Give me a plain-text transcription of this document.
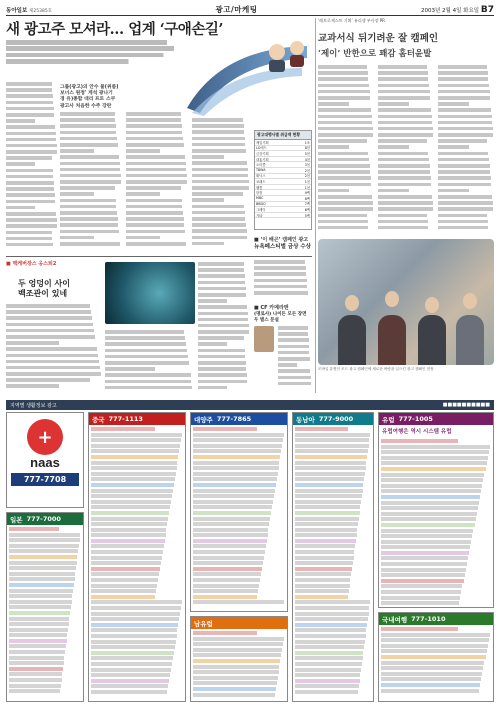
동아일보 제25385호	광고/마케팅	2003년 2월 4일 화요일 B7
새 광고주 모셔라… 업계 ‘구애손길’
그룹(광고)의 안수 물(위름)
보너스 원정' 게석 광나기
경 유)종합 대리 프트 스쿠
광고사 처음한 수주 강란
광고대행사별 취급액 현황
제일기획	1조
LG애드	8천
금강기획	5천
대홍기획	4천
오리콤	3천
TBWA	2천
휘닉스	2천
코래드	1천
웰콤	1천
한컴	9백
MBC	8백
BBDO	7백
그레이	6백
기타	5백
‘레브로제스트 기획’ 유리생 부사장 PR
교과서식 뒤기려운 잘 캠페인
‘제이’ 반한으로 꽤감 홈터윤발
모바일 유명인 모드 광고 캠페인에 새로운 바람을 일으킨 광고 캠페인 현장
■ 맥케버장스 옹스퇴2
두 엉덩이 사이
백조관이 있네
■ ‘이 배곤’ 캠페인 광고
뉴욕페스티벌 금상 수상
■ CF 카메라맨
(명로사) 나이든 모든 장면 두 별스 문설
지역별 생활정보 광고	■■■■■■■■■■
+
naas
777-7708
일본 777-7000
중국 777-1113	대양주 777-7865
남유럽
동남아 777-9000	유럽 777-1005
유럽여행은 역시 시스템 유럽
국내여행 777-1010
